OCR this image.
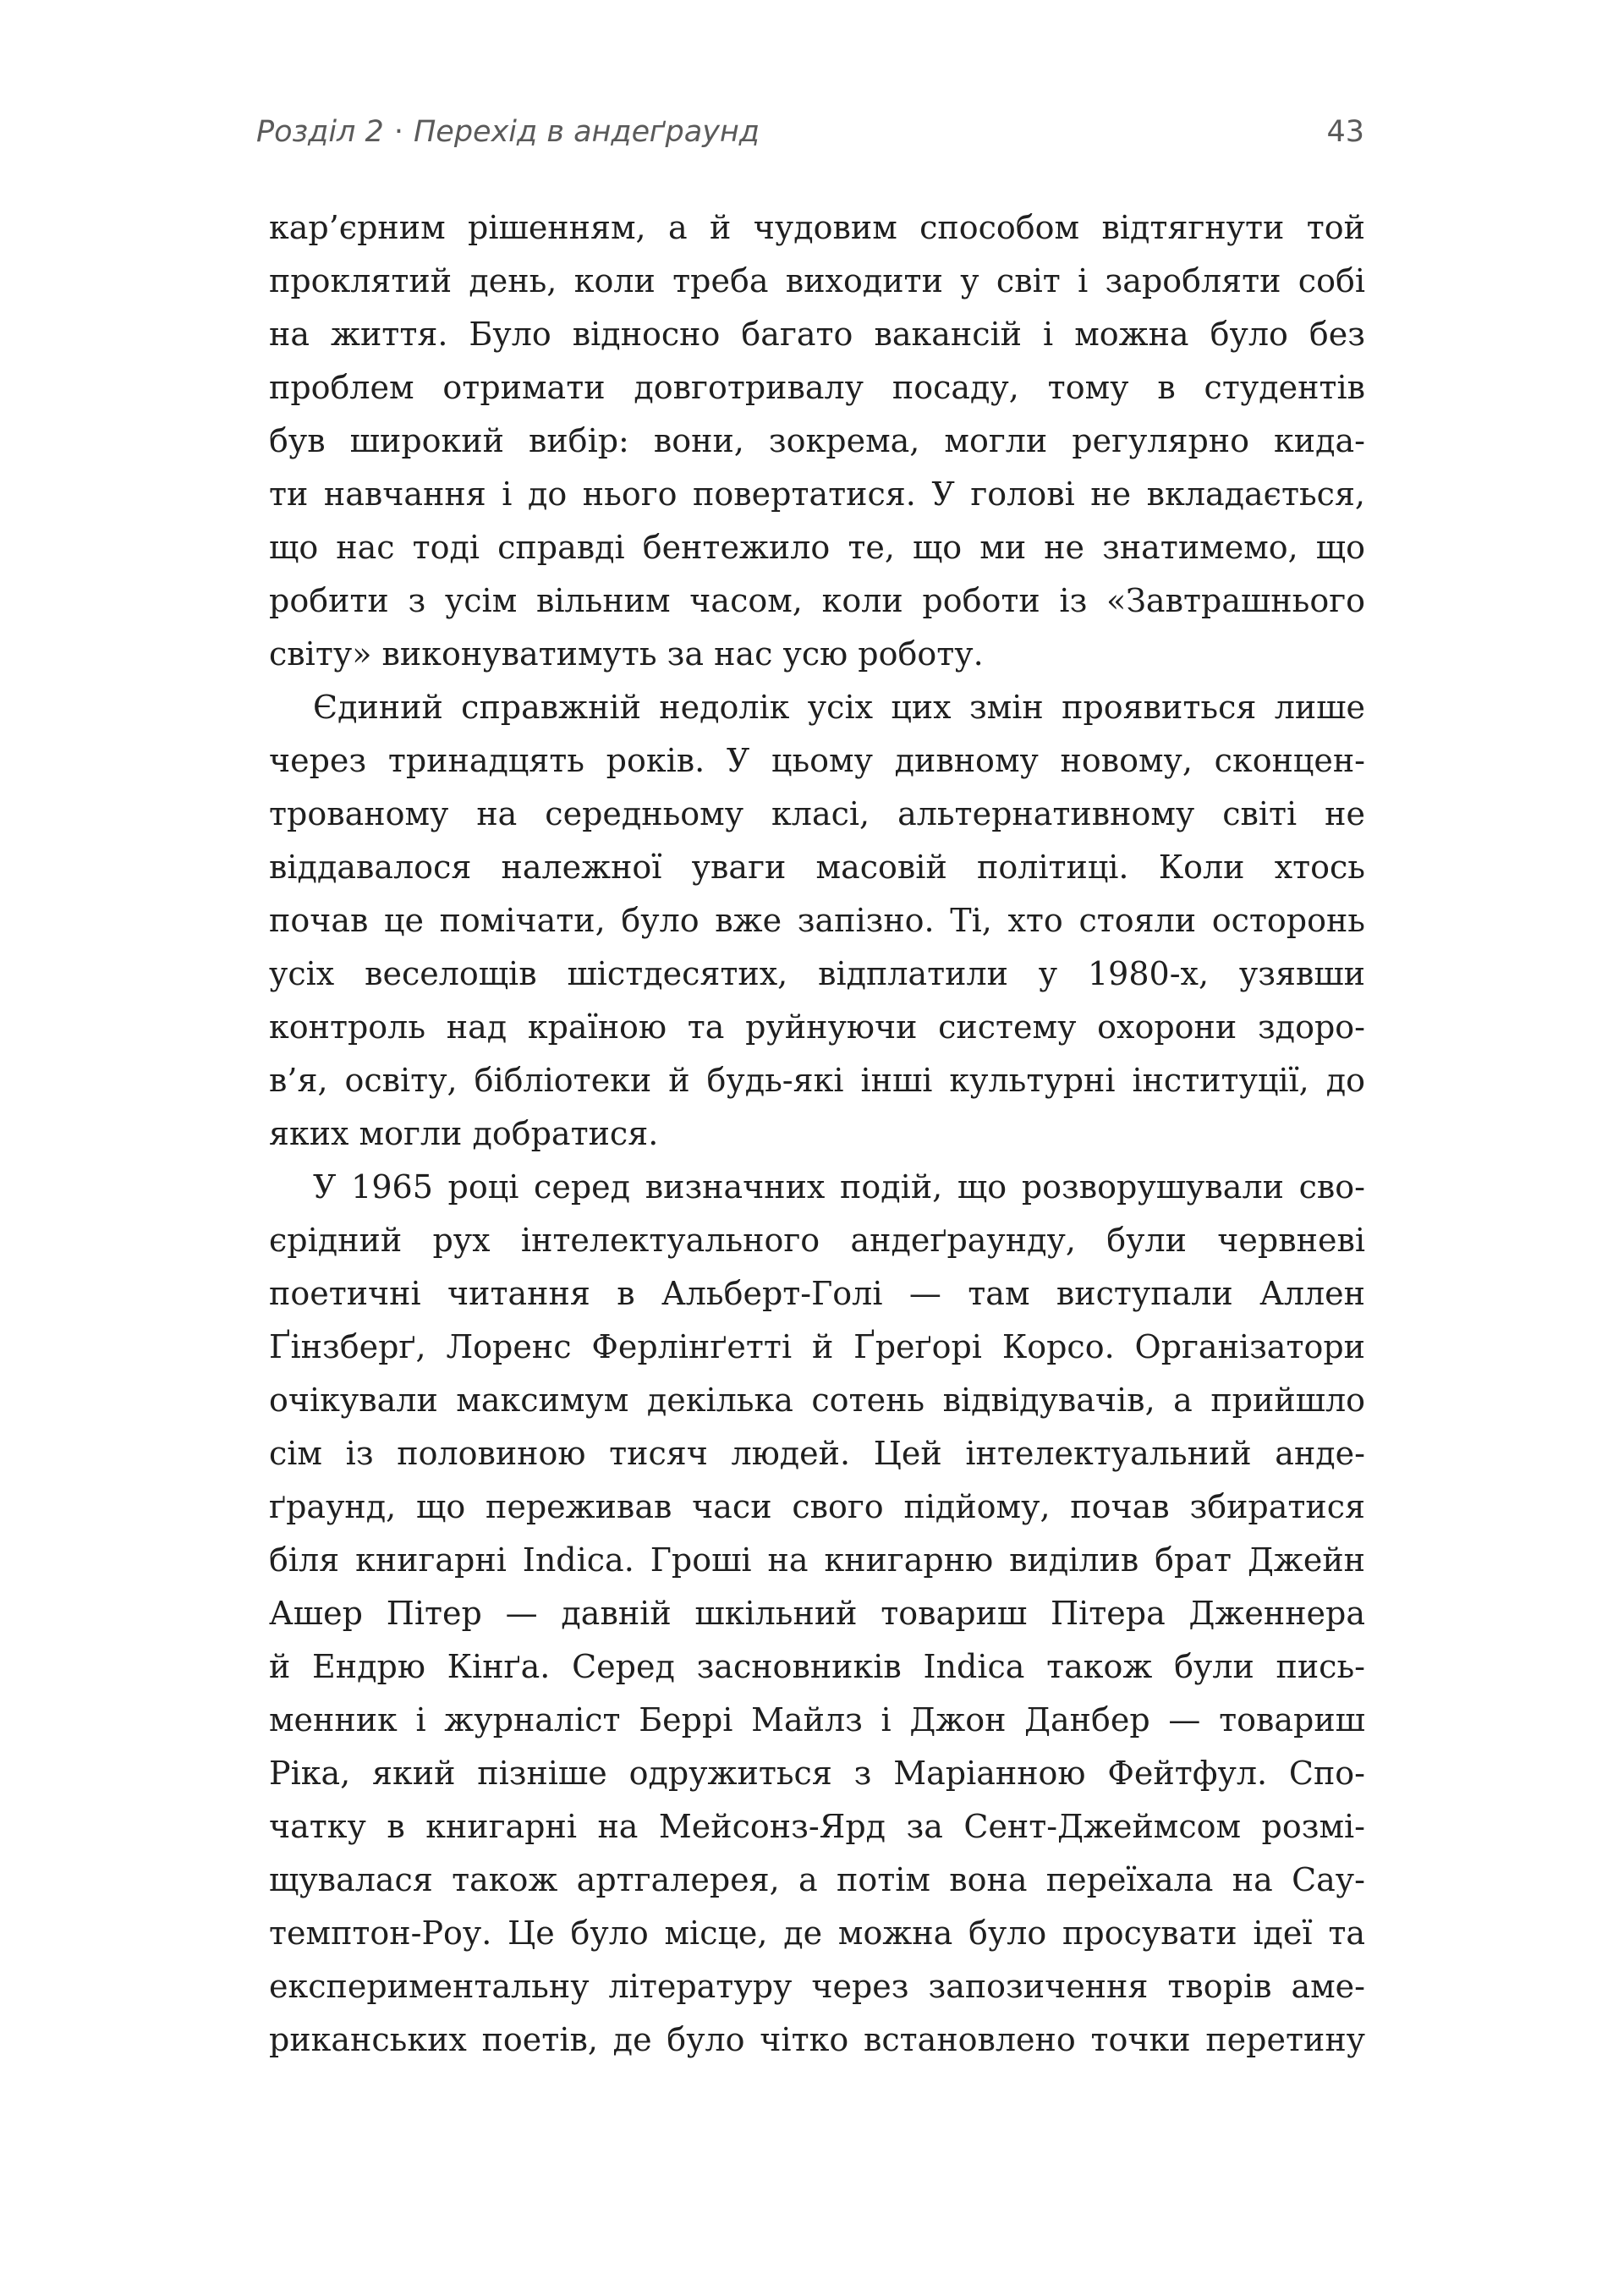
Розділ 2 · Перехід в андеґраунд	43
кар’єрним рішенням, а й чудовим способом відтягнути той
проклятий день, коли треба виходити у світ і заробляти собі
на життя. Було відносно багато вакансій і можна було без
проблем отримати довготривалу посаду, тому в студентів
був широкий вибір: вони, зокрема, могли регулярно кида-
ти навчання і до нього повертатися. У голові не вкладається,
що нас тоді справді бентежило те, що ми не знатимемо, що
робити з усім вільним часом, коли роботи із «Завтрашнього
світу» виконуватимуть за нас усю роботу.
Єдиний справжній недолік усіх цих змін проявиться лише
через тринадцять років. У цьому дивному новому, сконцен-
трованому на середньому класі, альтернативному світі не
віддавалося належної уваги масовій політиці. Коли хтось
почав це помічати, було вже запізно. Ті, хто стояли осторонь
усіх веселощів шістдесятих, відплатили у 1980-х, узявши
контроль над країною та руйнуючи систему охорони здоро-
в’я, освіту, бібліотеки й будь-які інші культурні інституції, до
яких могли добратися.
У 1965 році серед визначних подій, що розворушували сво-
єрідний рух інтелектуального андеґраунду, були червневі
поетичні читання в Альберт-Голі — там виступали Аллен
Ґінзберґ, Лоренс Ферлінґетті й Ґреґорі Корсо. Організатори
очікували максимум декілька сотень відвідувачів, а прийшло
сім із половиною тисяч людей. Цей інтелектуальний анде-
ґраунд, що переживав часи свого підйому, почав збиратися
біля книгарні Indica. Гроші на книгарню виділив брат Джейн
Ашер Пітер — давній шкільний товариш Пітера Дженнера
й Ендрю Кінґа. Серед засновників Indica також були пись-
менник і журналіст Беррі Майлз і Джон Данбер — товариш
Ріка, який пізніше одружиться з Маріанною Фейтфул. Спо-
чатку в книгарні на Мейсонз-Ярд за Сент-Джеймсом розмі-
щувалася також артгалерея, а потім вона переїхала на Сау-
темптон-Роу. Це було місце, де можна було просувати ідеї та
експериментальну літературу через запозичення творів аме-
риканських поетів, де було чітко встановлено точки перетину
